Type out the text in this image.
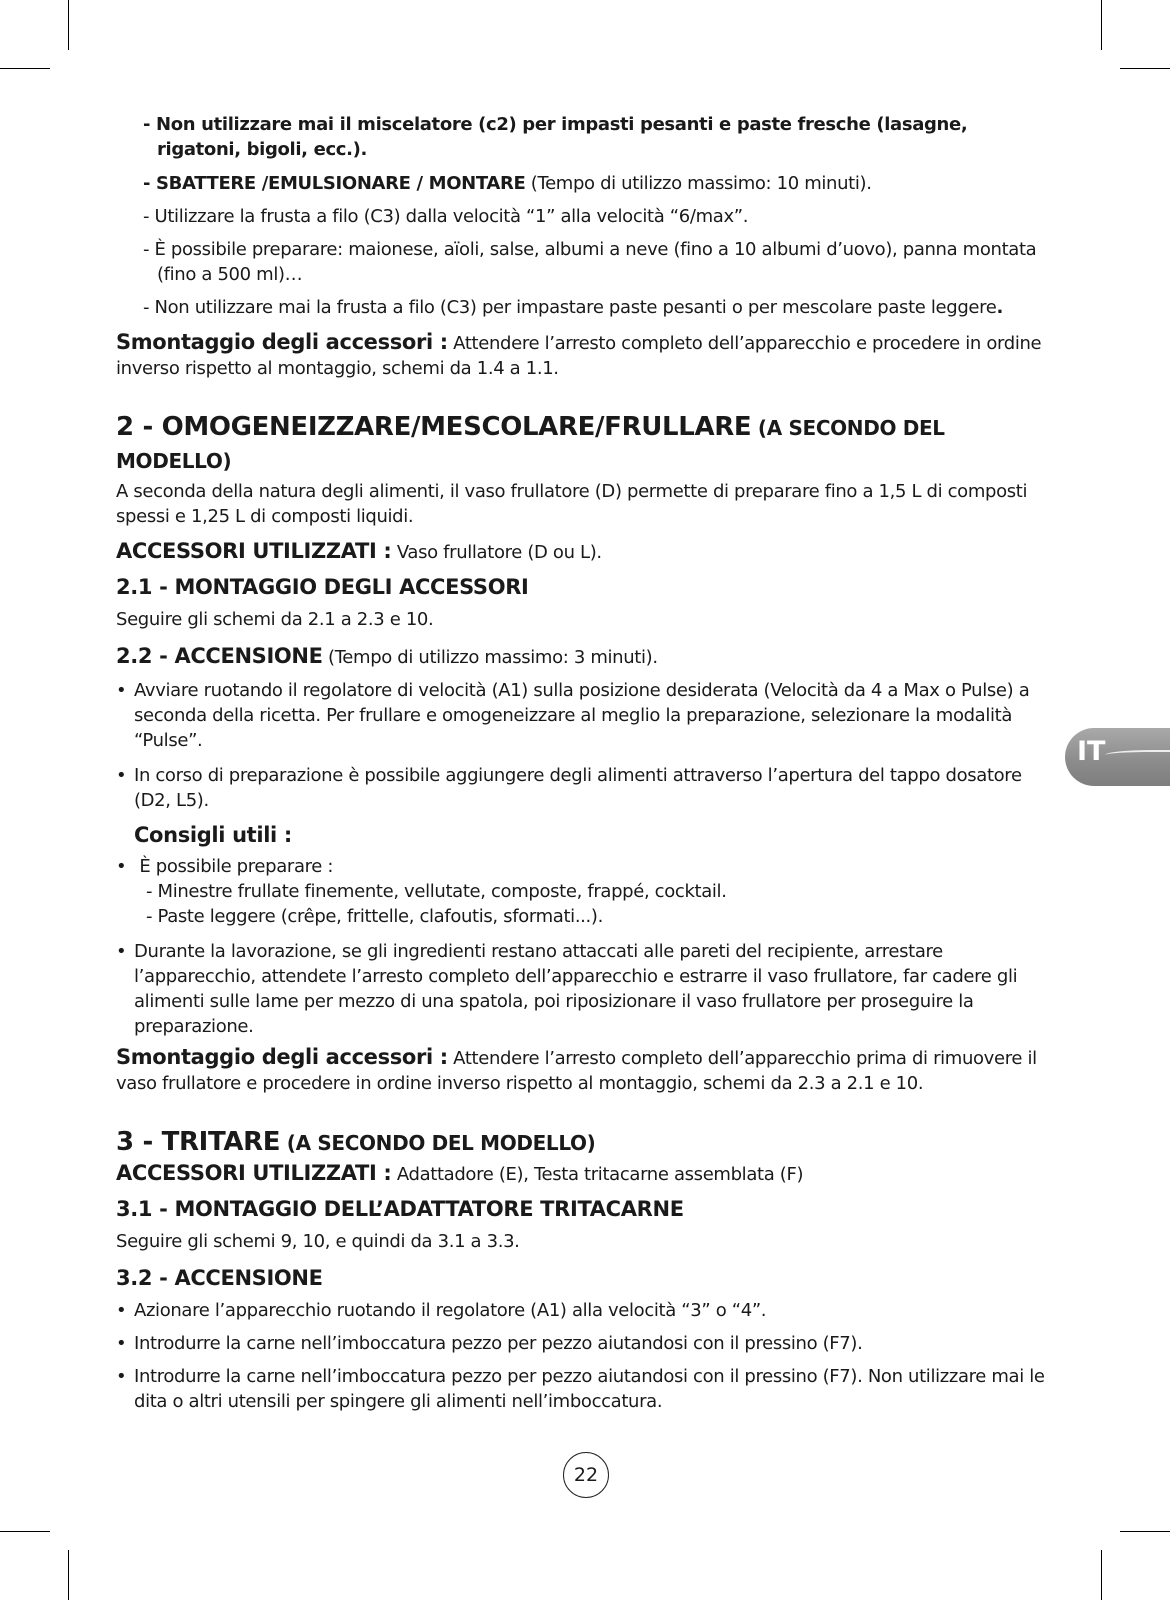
- Non utilizzare mai il miscelatore (c2) per impasti pesanti e paste fresche (lasagne, rigatoni, bigoli, ecc.).

- SBATTERE /EMULSIONARE / MONTARE (Tempo di utilizzo massimo: 10 minuti).

- Utilizzare la frusta a filo (C3) dalla velocità “1” alla velocità “6/max”.

- È possibile preparare: maionese, aïoli, salse, albumi a neve (fino a 10 albumi d’uovo), panna montata (fino a 500 ml)…

- Non utilizzare mai la frusta a filo (C3) per impastare paste pesanti o per mescolare paste leggere.

Smontaggio degli accessori : Attendere l’arresto completo dell’apparecchio e procedere in ordine inverso rispetto al montaggio, schemi da 1.4 a 1.1.

2 - OMOGENEIZZARE/MESCOLARE/FRULLARE (A SECONDO DEL MODELLO)

A seconda della natura degli alimenti, il vaso frullatore (D) permette di preparare fino a 1,5 L di composti spessi e 1,25 L di composti liquidi.

ACCESSORI UTILIZZATI : Vaso frullatore (D ou L).

2.1 - MONTAGGIO DEGLI ACCESSORI

Seguire gli schemi da 2.1 a 2.3 e 10.

2.2 - ACCENSIONE (Tempo di utilizzo massimo: 3 minuti).

• Avviare ruotando il regolatore di velocità (A1) sulla posizione desiderata (Velocità da 4 a Max o Pulse) a seconda della ricetta. Per frullare e omogeneizzare al meglio la preparazione, selezionare la modalità “Pulse”.

• In corso di preparazione è possibile aggiungere degli alimenti attraverso l’apertura del tappo dosatore (D2, L5).

Consigli utili :

• È possibile preparare :

- Minestre frullate finemente, vellutate, composte, frappé, cocktail.

- Paste leggere (crêpe, frittelle, clafoutis, sformati...).

• Durante la lavorazione, se gli ingredienti restano attaccati alle pareti del recipiente, arrestare l’apparecchio, attendete l’arresto completo dell’apparecchio e estrarre il vaso frullatore, far cadere gli alimenti sulle lame per mezzo di una spatola, poi riposizionare il vaso frullatore per proseguire la preparazione.

Smontaggio degli accessori : Attendere l’arresto completo dell’apparecchio prima di rimuovere il vaso frullatore e procedere in ordine inverso rispetto al montaggio, schemi da 2.3 a 2.1 e 10.

3 - TRITARE (A SECONDO DEL MODELLO)

ACCESSORI UTILIZZATI : Adattadore (E), Testa tritacarne assemblata (F)

3.1 - MONTAGGIO DELL’ADATTATORE TRITACARNE

Seguire gli schemi 9, 10, e quindi da 3.1 a 3.3.

3.2 - ACCENSIONE

• Azionare l’apparecchio ruotando il regolatore (A1) alla velocità “3” o “4”.

• Introdurre la carne nell’imboccatura pezzo per pezzo aiutandosi con il pressino (F7).

• Introdurre la carne nell’imboccatura pezzo per pezzo aiutandosi con il pressino (F7). Non utilizzare mai le dita o altri utensili per spingere gli alimenti nell’imboccatura.

IT
22
